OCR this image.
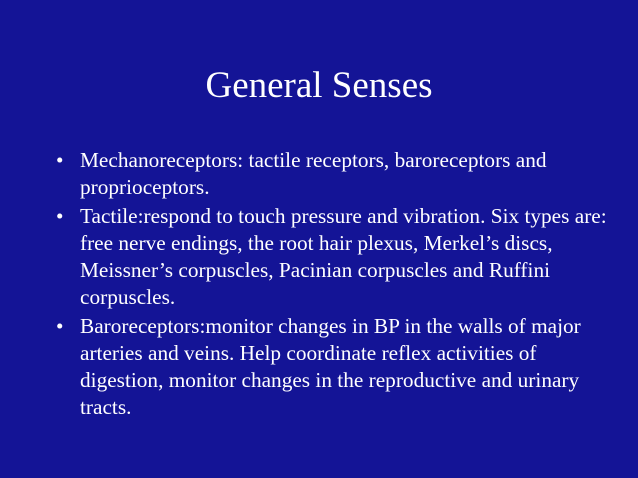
General Senses
• Mechanoreceptors: tactile receptors, baroreceptors and proprioceptors.
• Tactile:respond to touch pressure and vibration. Six types are: free nerve endings, the root hair plexus, Merkel’s discs, Meissner’s corpuscles, Pacinian corpuscles and Ruffini corpuscles.
• Baroreceptors:monitor changes in BP in the walls of major arteries and veins. Help coordinate reflex activities of digestion, monitor changes in the reproductive and urinary tracts.
